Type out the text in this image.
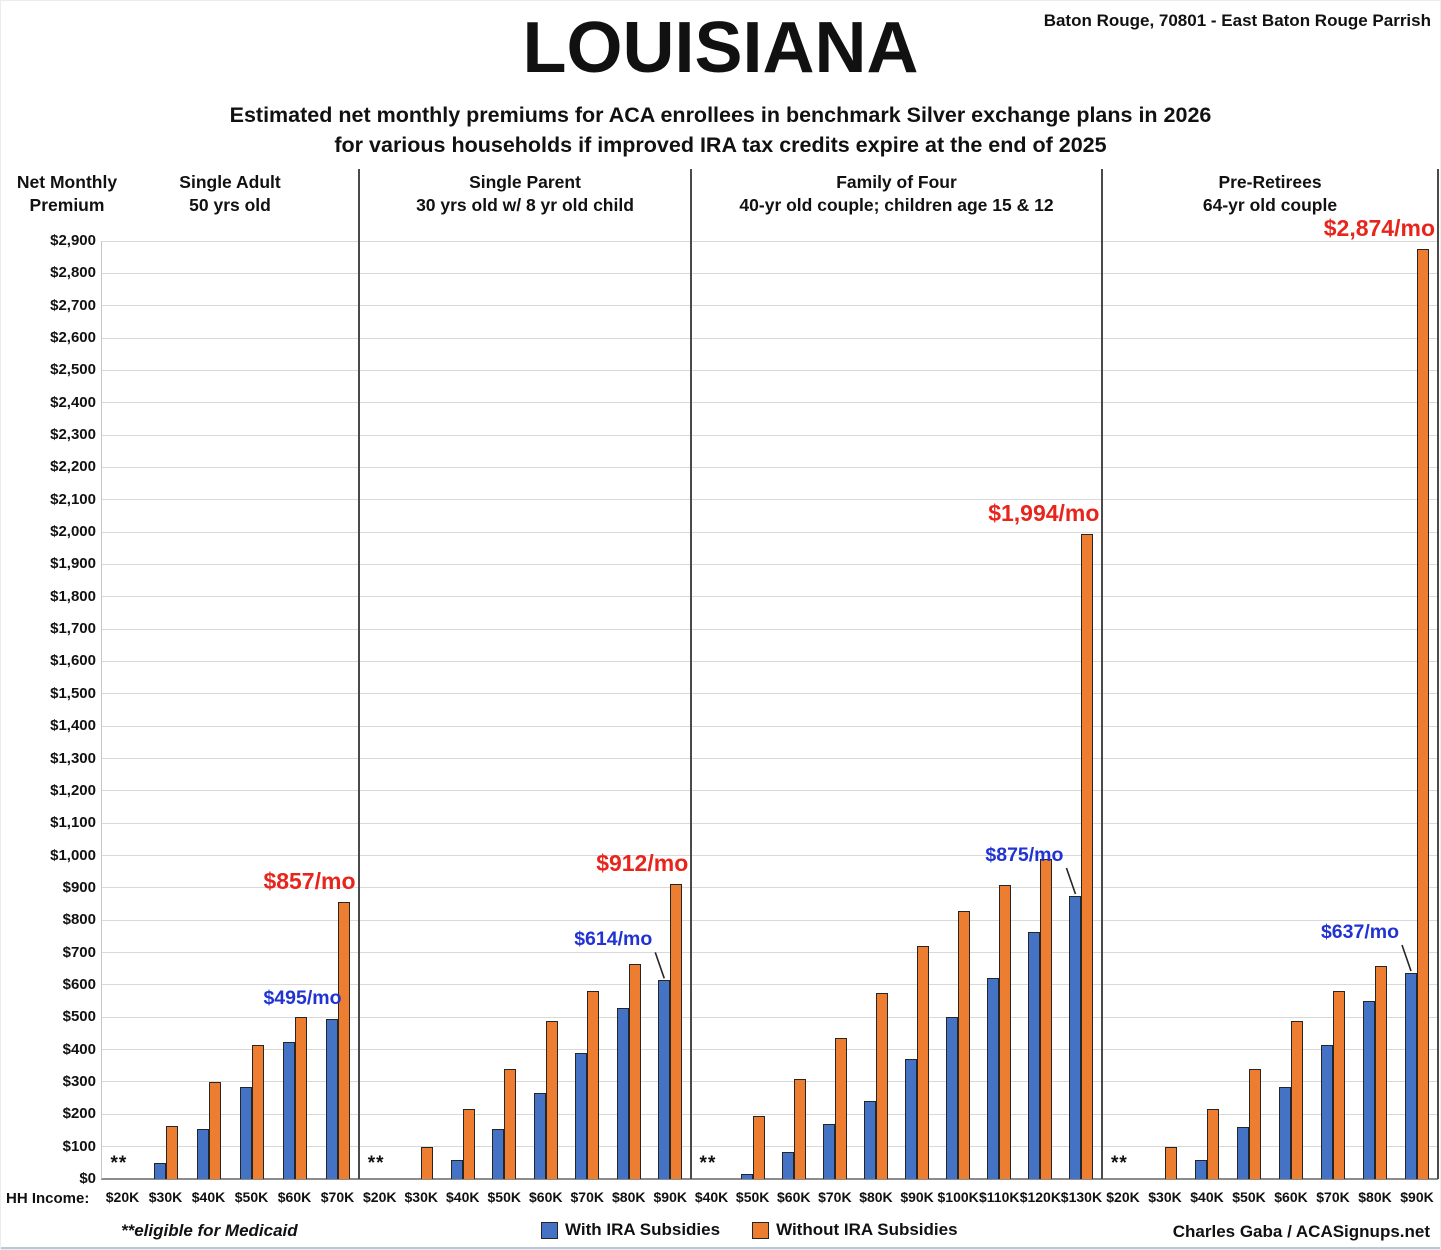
Baton Rouge, 70801 - East Baton Rouge Parrish
LOUISIANA
Estimated net monthly premiums for ACA enrollees in benchmark Silver exchange plans in 2026
for various households if improved IRA tax credits expire at the end of 2025
Net Monthly
Premium
$0
$100
$200
$300
$400
$500
$600
$700
$800
$900
$1,000
$1,100
$1,200
$1,300
$1,400
$1,500
$1,600
$1,700
$1,800
$1,900
$2,000
$2,100
$2,200
$2,300
$2,400
$2,500
$2,600
$2,700
$2,800
$2,900
Single Adult
50 yrs old
$20K
**
$30K $40K $50K $60K $70K
$857/mo
$495/mo
Single Parent
30 yrs old w/ 8 yr old child
$20K
**
$30K $40K $50K $60K $70K $80K $90K
$912/mo
$614/mo
Family of Four
40-yr old couple; children age 15 & 12
$40K
**
$50K $60K $70K $80K $90K $100K $110K $120K $130K
$1,994/mo
$875/mo
Pre-Retirees
64-yr old couple
$20K
**
$30K $40K $50K $60K $70K $80K $90K
$2,874/mo
$637/mo
HH Income:
**eligible for Medicaid	With IRA Subsidies	Without IRA Subsidies	Charles Gaba / ACASignups.net
